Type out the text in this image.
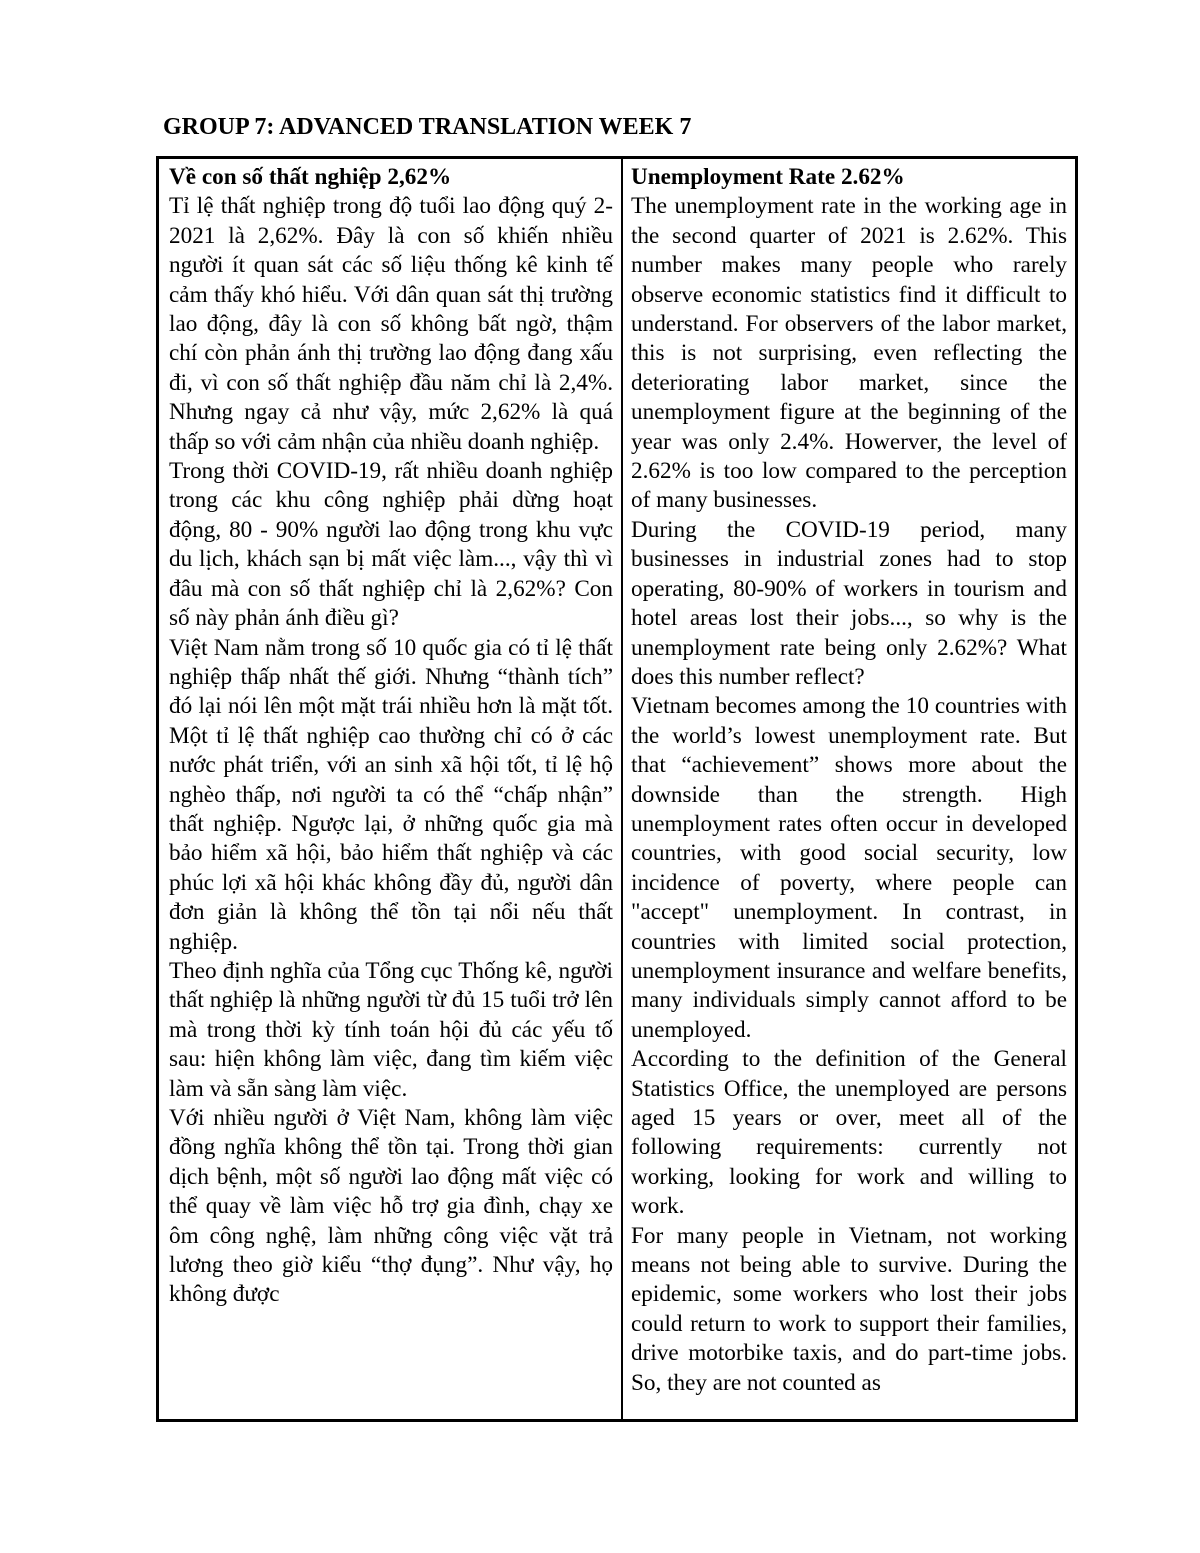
GROUP 7: ADVANCED TRANSLATION WEEK 7

Về con số thất nghiệp 2,62%

Tỉ lệ thất nghiệp trong độ tuổi lao động quý 2-2021 là 2,62%. Đây là con số khiến nhiều người ít quan sát các số liệu thống kê kinh tế cảm thấy khó hiểu. Với dân quan sát thị trường lao động, đây là con số không bất ngờ, thậm chí còn phản ánh thị trường lao động đang xấu đi, vì con số thất nghiệp đầu năm chỉ là 2,4%. Nhưng ngay cả như vậy, mức 2,62% là quá thấp so với cảm nhận của nhiều doanh nghiệp.

Trong thời COVID-19, rất nhiều doanh nghiệp trong các khu công nghiệp phải dừng hoạt động, 80 - 90% người lao động trong khu vực du lịch, khách sạn bị mất việc làm..., vậy thì vì đâu mà con số thất nghiệp chỉ là 2,62%? Con số này phản ánh điều gì?

Việt Nam nằm trong số 10 quốc gia có tỉ lệ thất nghiệp thấp nhất thế giới. Nhưng “thành tích” đó lại nói lên một mặt trái nhiều hơn là mặt tốt. Một tỉ lệ thất nghiệp cao thường chỉ có ở các nước phát triển, với an sinh xã hội tốt, tỉ lệ hộ nghèo thấp, nơi người ta có thể “chấp nhận” thất nghiệp. Ngược lại, ở những quốc gia mà bảo hiểm xã hội, bảo hiểm thất nghiệp và các phúc lợi xã hội khác không đầy đủ, người dân đơn giản là không thể tồn tại nổi nếu thất nghiệp.

Theo định nghĩa của Tổng cục Thống kê, người thất nghiệp là những người từ đủ 15 tuổi trở lên mà trong thời kỳ tính toán hội đủ các yếu tố sau: hiện không làm việc, đang tìm kiếm việc làm và sẵn sàng làm việc.

Với nhiều người ở Việt Nam, không làm việc đồng nghĩa không thể tồn tại. Trong thời gian dịch bệnh, một số người lao động mất việc có thể quay về làm việc hỗ trợ gia đình, chạy xe ôm công nghệ, làm những công việc vặt trả lương theo giờ kiểu “thợ đụng”. Như vậy, họ không được

Unemployment Rate 2.62%

The unemployment rate in the working age in the second quarter of 2021 is 2.62%. This number makes many people who rarely observe economic statistics find it difficult to understand. For observers of the labor market, this is not surprising, even reflecting the deteriorating labor market, since the unemployment figure at the beginning of the year was only 2.4%. Howerver, the level of 2.62% is too low compared to the perception of many businesses.

During the COVID-19 period, many businesses in industrial zones had to stop operating, 80-90% of workers in tourism and hotel areas lost their jobs..., so why is the unemployment rate being only 2.62%? What does this number reflect?

Vietnam becomes among the 10 countries with the world’s lowest unemployment rate. But that “achievement” shows more about the downside than the strength. High unemployment rates often occur in developed countries, with good social security, low incidence of poverty, where people can "accept" unemployment. In contrast, in countries with limited social protection, unemployment insurance and welfare benefits, many individuals simply cannot afford to be unemployed.

According to the definition of the General Statistics Office, the unemployed are persons aged 15 years or over, meet all of the following requirements: currently not working, looking for work and willing to work.

For many people in Vietnam, not working means not being able to survive. During the epidemic, some workers who lost their jobs could return to work to support their families, drive motorbike taxis, and do part-time jobs. So, they are not counted as
